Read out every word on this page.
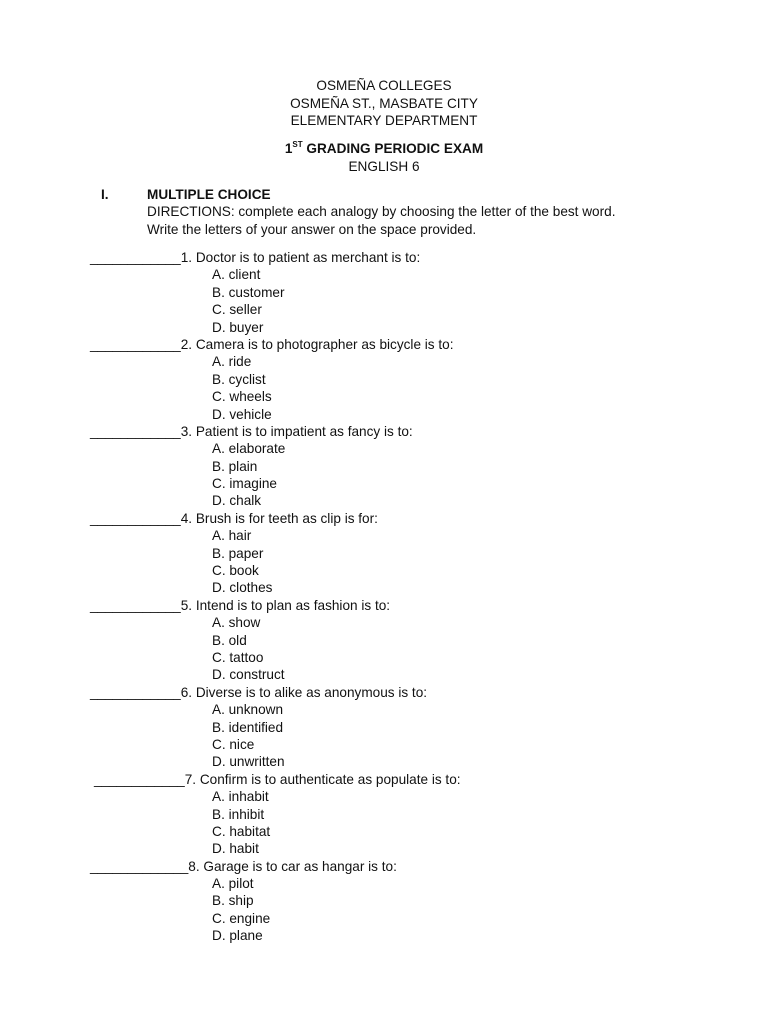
OSMEÑA COLLEGES
OSMEÑA ST., MASBATE CITY
ELEMENTARY DEPARTMENT
1ST GRADING PERIODIC EXAM
ENGLISH 6
I.	MULTIPLE CHOICE
DIRECTIONS: complete each analogy by choosing the letter of the best word.
Write the letters of your answer on the space provided.
____________1. Doctor is to patient as merchant is to:
A. client
B. customer
C. seller
D. buyer
____________2. Camera is to photographer as bicycle is to:
A. ride
B. cyclist
C. wheels
D. vehicle
____________3. Patient is to impatient as fancy is to:
A. elaborate
B. plain
C. imagine
D. chalk
____________4. Brush is for teeth as clip is for:
A. hair
B. paper
C. book
D. clothes
____________5. Intend is to plan as fashion is to:
A. show
B. old
C. tattoo
D. construct
____________6. Diverse is to alike as anonymous is to:
A. unknown
B. identified
C. nice
D. unwritten
____________7. Confirm is to authenticate as populate is to:
A. inhabit
B. inhibit
C. habitat
D. habit
_____________8. Garage is to car as hangar is to:
A. pilot
B. ship
C. engine
D. plane
